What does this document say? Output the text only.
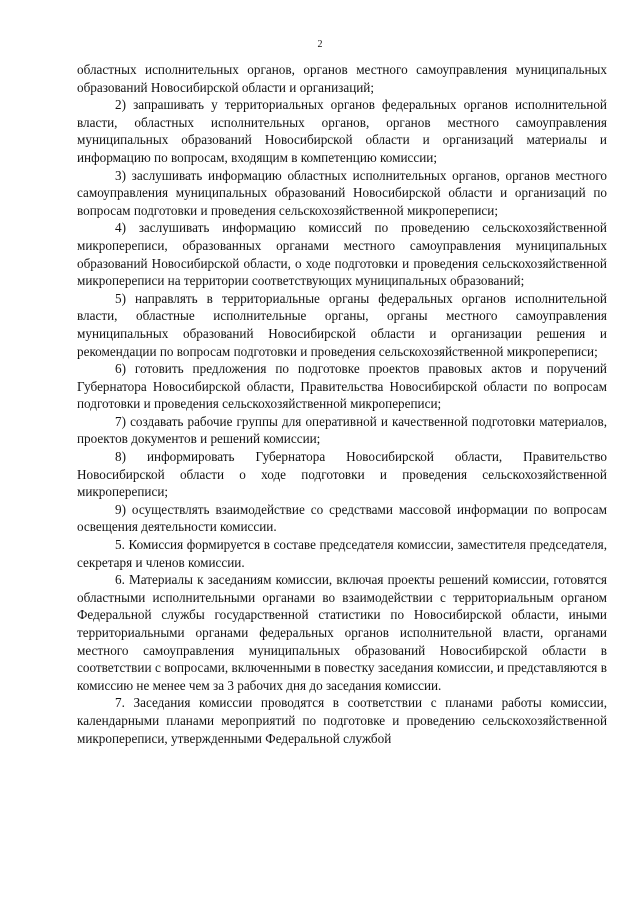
2

областных исполнительных органов, органов местного самоуправления муниципальных образований Новосибирской области и организаций;

2) запрашивать у территориальных органов федеральных органов исполнительной власти, областных исполнительных органов, органов местного самоуправления муниципальных образований Новосибирской области и организаций материалы и информацию по вопросам, входящим в компетенцию комиссии;

3) заслушивать информацию областных исполнительных органов, органов местного самоуправления муниципальных образований Новосибирской области и организаций по вопросам подготовки и проведения сельскохозяйственной микропереписи;

4) заслушивать информацию комиссий по проведению сельскохозяйственной микропереписи, образованных органами местного самоуправления муниципальных образований Новосибирской области, о ходе подготовки и проведения сельскохозяйственной микропереписи на территории соответствующих муниципальных образований;

5) направлять в территориальные органы федеральных органов исполнительной власти, областные исполнительные органы, органы местного самоуправления муниципальных образований Новосибирской области и организации решения и рекомендации по вопросам подготовки и проведения сельскохозяйственной микропереписи;

6) готовить предложения по подготовке проектов правовых актов и поручений Губернатора Новосибирской области, Правительства Новосибирской области по вопросам подготовки и проведения сельскохозяйственной микропереписи;

7) создавать рабочие группы для оперативной и качественной подготовки материалов, проектов документов и решений комиссии;

8) информировать Губернатора Новосибирской области, Правительство Новосибирской области о ходе подготовки и проведения сельскохозяйственной микропереписи;

9) осуществлять взаимодействие со средствами массовой информации по вопросам освещения деятельности комиссии.

5. Комиссия формируется в составе председателя комиссии, заместителя председателя, секретаря и членов комиссии.

6. Материалы к заседаниям комиссии, включая проекты решений комиссии, готовятся областными исполнительными органами во взаимодействии с территориальным органом Федеральной службы государственной статистики по Новосибирской области, иными территориальными органами федеральных органов исполнительной власти, органами местного самоуправления муниципальных образований Новосибирской области в соответствии с вопросами, включенными в повестку заседания комиссии, и представляются в комиссию не менее чем за 3 рабочих дня до заседания комиссии.

7. Заседания комиссии проводятся в соответствии с планами работы комиссии, календарными планами мероприятий по подготовке и проведению сельскохозяйственной микропереписи, утвержденными Федеральной службой
